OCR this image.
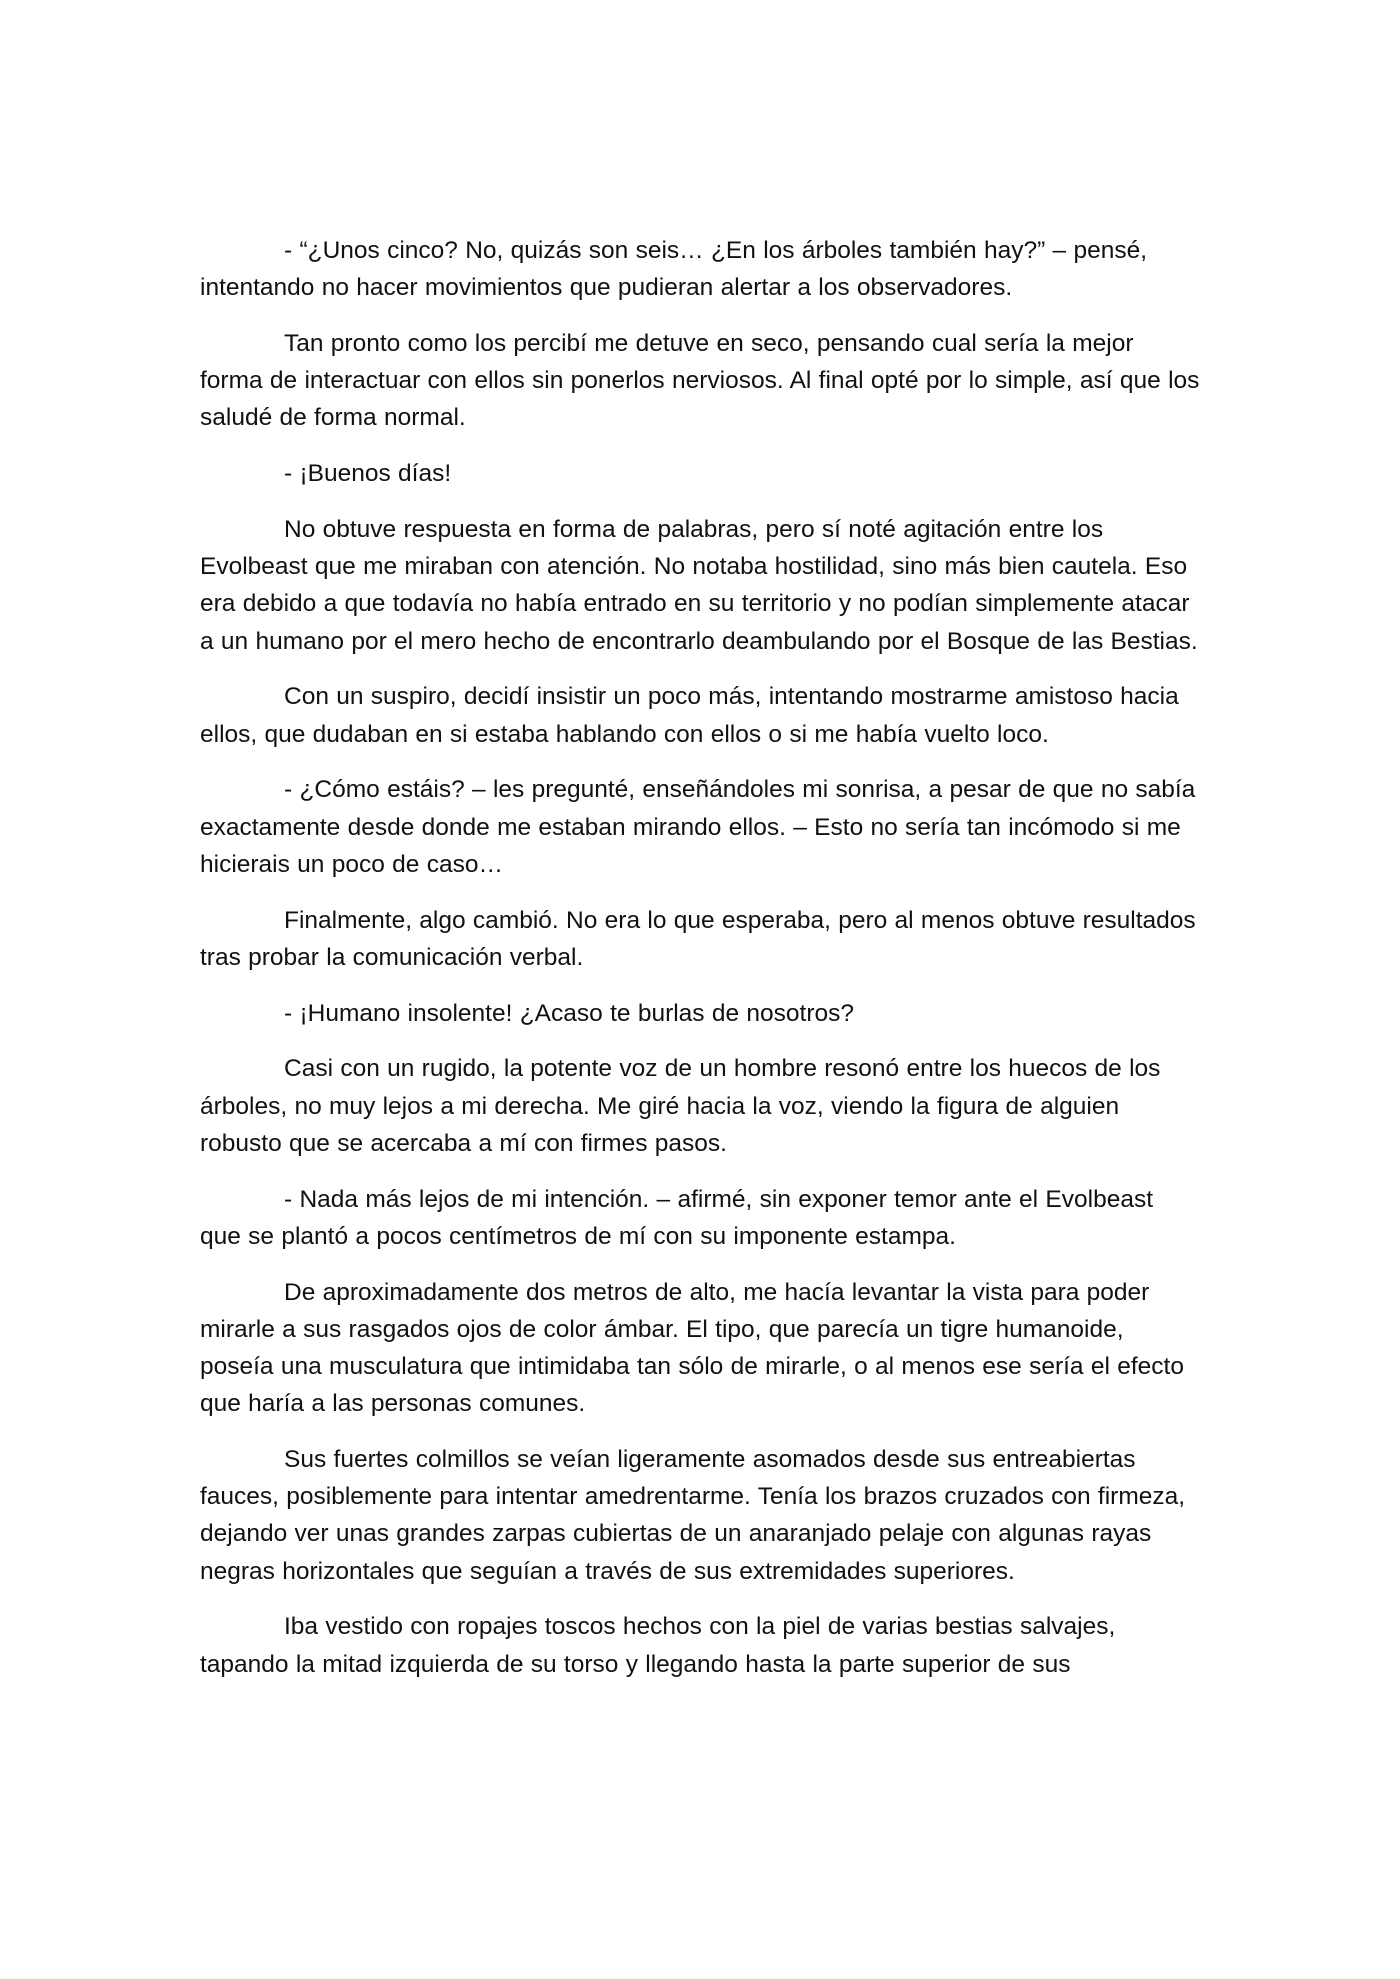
- “¿Unos cinco? No, quizás son seis… ¿En los árboles también hay?” – pensé, intentando no hacer movimientos que pudieran alertar a los observadores.

Tan pronto como los percibí me detuve en seco, pensando cual sería la mejor forma de interactuar con ellos sin ponerlos nerviosos. Al final opté por lo simple, así que los saludé de forma normal.

- ¡Buenos días!

No obtuve respuesta en forma de palabras, pero sí noté agitación entre los Evolbeast que me miraban con atención. No notaba hostilidad, sino más bien cautela. Eso era debido a que todavía no había entrado en su territorio y no podían simplemente atacar a un humano por el mero hecho de encontrarlo deambulando por el Bosque de las Bestias.

Con un suspiro, decidí insistir un poco más, intentando mostrarme amistoso hacia ellos, que dudaban en si estaba hablando con ellos o si me había vuelto loco.

- ¿Cómo estáis? – les pregunté, enseñándoles mi sonrisa, a pesar de que no sabía exactamente desde donde me estaban mirando ellos. – Esto no sería tan incómodo si me hicierais un poco de caso…

Finalmente, algo cambió. No era lo que esperaba, pero al menos obtuve resultados tras probar la comunicación verbal.

- ¡Humano insolente! ¿Acaso te burlas de nosotros?

Casi con un rugido, la potente voz de un hombre resonó entre los huecos de los árboles, no muy lejos a mi derecha. Me giré hacia la voz, viendo la figura de alguien robusto que se acercaba a mí con firmes pasos.

- Nada más lejos de mi intención. – afirmé, sin exponer temor ante el Evolbeast que se plantó a pocos centímetros de mí con su imponente estampa.

De aproximadamente dos metros de alto, me hacía levantar la vista para poder mirarle a sus rasgados ojos de color ámbar. El tipo, que parecía un tigre humanoide, poseía una musculatura que intimidaba tan sólo de mirarle, o al menos ese sería el efecto que haría a las personas comunes.

Sus fuertes colmillos se veían ligeramente asomados desde sus entreabiertas fauces, posiblemente para intentar amedrentarme. Tenía los brazos cruzados con firmeza, dejando ver unas grandes zarpas cubiertas de un anaranjado pelaje con algunas rayas negras horizontales que seguían a través de sus extremidades superiores.

Iba vestido con ropajes toscos hechos con la piel de varias bestias salvajes, tapando la mitad izquierda de su torso y llegando hasta la parte superior de sus
